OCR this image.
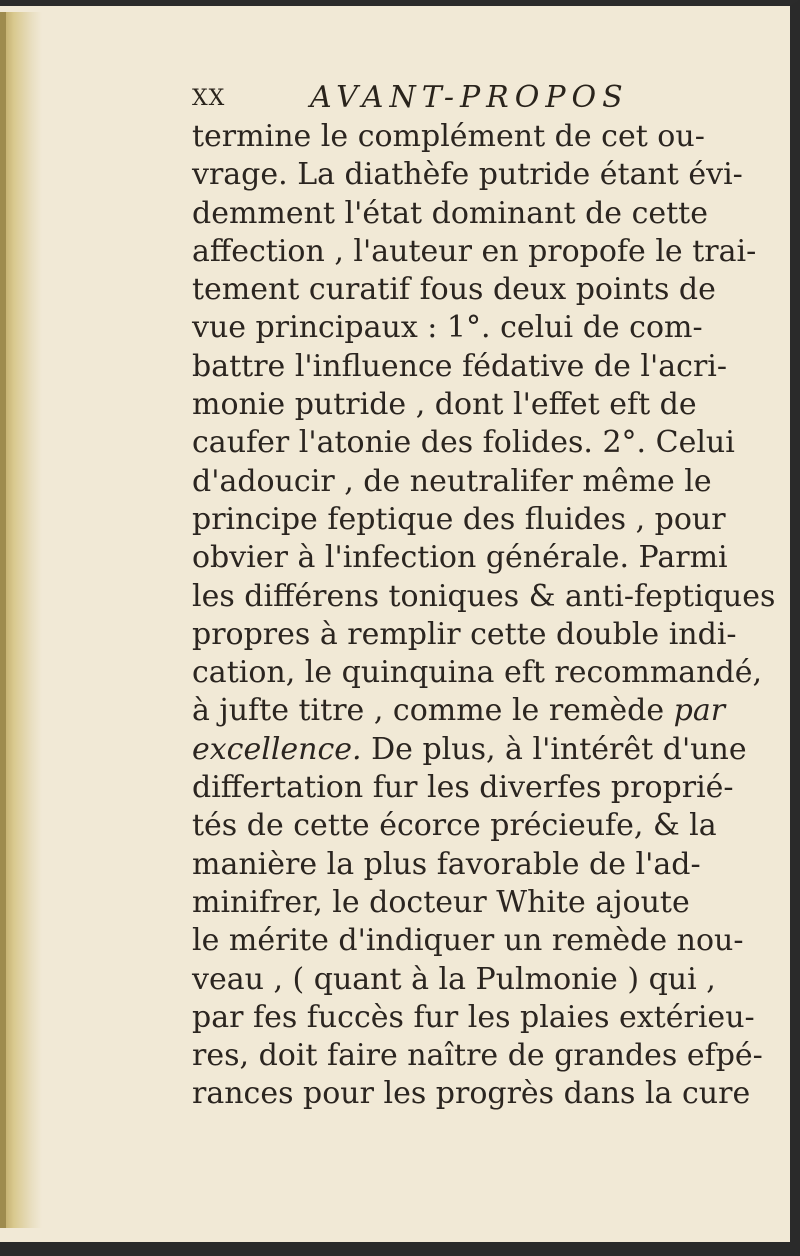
XX	AVANT-PROPOS
termine le complément de cet ou-
vrage. La diathèfe putride étant évi-
demment l'état dominant de cette
affection , l'auteur en propofe le trai-
tement curatif fous deux points de
vue principaux : 1°. celui de com-
battre l'influence fédative de l'acri-
monie putride , dont l'effet eft de
caufer l'atonie des folides. 2°. Celui
d'adoucir , de neutralifer même le
principe feptique des fluides , pour
obvier à l'infection générale. Parmi
les différens toniques & anti-feptiques
propres à remplir cette double indi-
cation, le quinquina eft recommandé,
à jufte titre , comme le remède par
excellence. De plus, à l'intérêt d'une
differtation fur les diverfes proprié-
tés de cette écorce précieufe, & la
manière la plus favorable de l'ad-
minifrer, le docteur White ajoute
le mérite d'indiquer un remède nou-
veau , ( quant à la Pulmonie ) qui ,
par fes fuccès fur les plaies extérieu-
res, doit faire naître de grandes efpé-
rances pour les progrès dans la cure
